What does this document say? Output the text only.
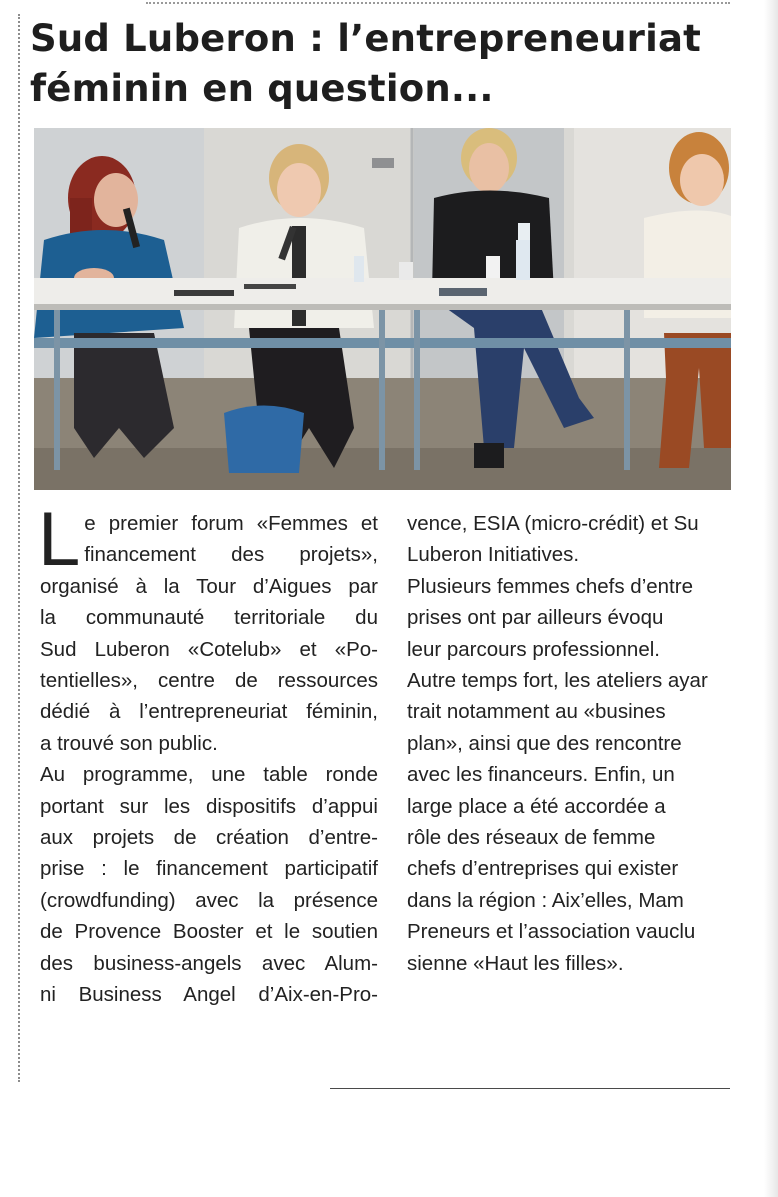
Sud Luberon : l’entrepreneuriat
féminin en question...

L e premier forum «Femmes et
financement des projets»,
organisé à la Tour d’Aigues par
la communauté territoriale du
Sud Luberon «Cotelub» et «Po-
tentielles», centre de ressources
dédié à l’entrepreneuriat féminin,
a trouvé son public.

Au programme, une table ronde
portant sur les dispositifs d’appui
aux projets de création d’entre-
prise : le financement participatif
(crowdfunding) avec la présence
de Provence Booster et le soutien
des business-angels avec Alum-
ni Business Angel d’Aix-en-Pro-

vence, ESIA (micro-crédit) et Su
Luberon Initiatives.

Plusieurs femmes chefs d’entre
prises ont par ailleurs évoqu
leur parcours professionnel.

Autre temps fort, les ateliers ayar
trait notamment au «busines
plan», ainsi que des rencontre
avec les financeurs. Enfin, un
large place a été accordée a
rôle des réseaux de femme
chefs d’entreprises qui exister
dans la région : Aix’elles, Mam
Preneurs et l’association vauclu
sienne «Haut les filles».
